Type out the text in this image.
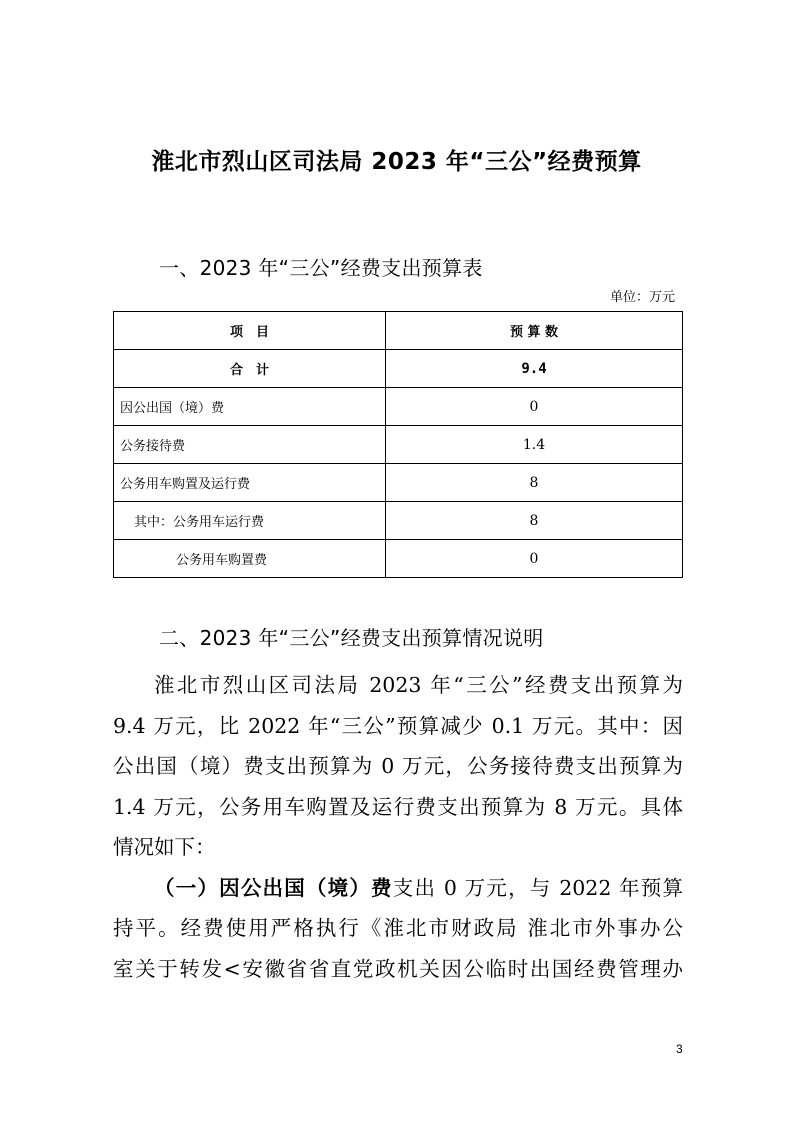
淮北市烈山区司法局 2023 年“三公”经费预算
一、2023 年“三公”经费支出预算表
单位：万元
项　目	预 算 数
合　计	9.4
因公出国（境）费	0
公务接待费	1.4
公务用车购置及运行费	8
其中：公务用车运行费	8
公务用车购置费	0
二、2023 年“三公”经费支出预算情况说明

淮北市烈山区司法局 2023 年“三公”经费支出预算为

9.4 万元，比 2022 年“三公”预算减少 0.1 万元。其中：因

公出国（境）费支出预算为 0 万元，公务接待费支出预算为

1.4 万元，公务用车购置及运行费支出预算为 8 万元。具体

情况如下：

（一）因公出国（境）费支出 0 万元，与 2022 年预算

持平。经费使用严格执行《淮北市财政局 淮北市外事办公

室关于转发<安徽省省直党政机关因公临时出国经费管理办

3
